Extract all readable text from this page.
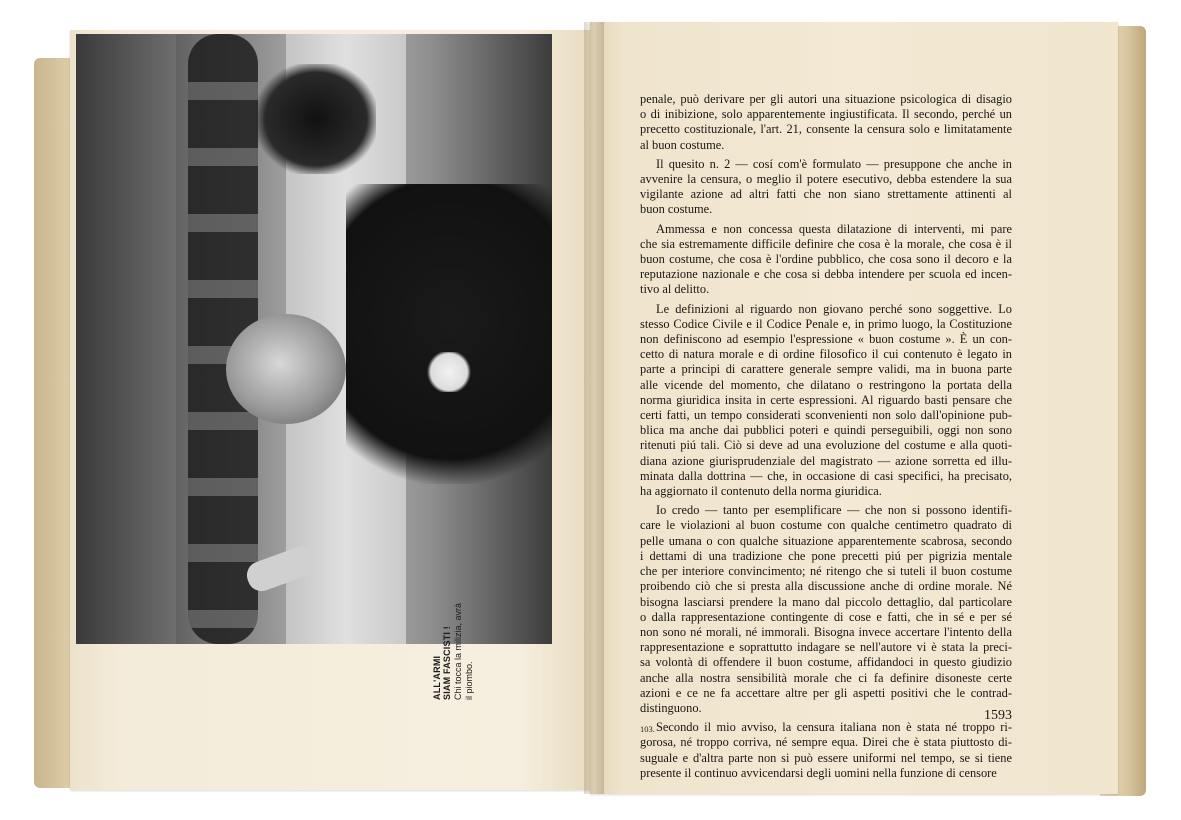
ALL'ARMI SIAM FASCISTI ! Chi tocca la milizia, avrà il piombo.

penale, può derivare per gli autori una situazione psicologica di disagio
o di inibizione, solo apparentemente ingiustificata. Il secondo, perché un
precetto costituzionale, l'art. 21, consente la censura solo e limitatamente
al buon costume.

Il quesito n. 2 — cosí com'è formulato — presuppone che anche in
avvenire la censura, o meglio il potere esecutivo, debba estendere la sua
vigilante azione ad altri fatti che non siano strettamente attinenti al
buon costume.

Ammessa e non concessa questa dilatazione di interventi, mi pare
che sia estremamente difficile definire che cosa è la morale, che cosa è il
buon costume, che cosa è l'ordine pubblico, che cosa sono il decoro e la
reputazione nazionale e che cosa si debba intendere per scuola ed incen-
tivo al delitto.

Le definizioni al riguardo non giovano perché sono soggettive. Lo
stesso Codice Civile e il Codice Penale e, in primo luogo, la Costituzione
non definiscono ad esempio l'espressione « buon costume ». È un con-
cetto di natura morale e di ordine filosofico il cui contenuto è legato in
parte a principi di carattere generale sempre validi, ma in buona parte
alle vicende del momento, che dilatano o restringono la portata della
norma giuridica insita in certe espressioni. Al riguardo basti pensare che
certi fatti, un tempo considerati sconvenienti non solo dall'opinione pub-
blica ma anche dai pubblici poteri e quindi perseguibili, oggi non sono
ritenuti piú tali. Ciò si deve ad una evoluzione del costume e alla quoti-
diana azione giurisprudenziale del magistrato — azione sorretta ed illu-
minata dalla dottrina — che, in occasione di casi specifici, ha precisato,
ha aggiornato il contenuto della norma giuridica.

Io credo — tanto per esemplificare — che non si possono identifi-
care le violazioni al buon costume con qualche centimetro quadrato di
pelle umana o con qualche situazione apparentemente scabrosa, secondo
i dettami di una tradizione che pone precetti piú per pigrizia mentale
che per interiore convincimento; né ritengo che si tuteli il buon costume
proibendo ciò che si presta alla discussione anche di ordine morale. Né
bisogna lasciarsi prendere la mano dal piccolo dettaglio, dal particolare
o dalla rappresentazione contingente di cose e fatti, che in sé e per sé
non sono né morali, né immorali. Bisogna invece accertare l'intento della
rappresentazione e soprattutto indagare se nell'autore vi è stata la preci-
sa volontà di offendere il buon costume, affidandoci in questo giudizio
anche alla nostra sensibilità morale che ci fa definire disoneste certe
azioni e ce ne fa accettare altre per gli aspetti positivi che le contrad-
distinguono.

Secondo il mio avviso, la censura italiana non è stata né troppo ri-
gorosa, né troppo corriva, né sempre equa. Direi che è stata piuttosto di-
suguale e d'altra parte non si può essere uniformi nel tempo, se si tiene
presente il continuo avvicendarsi degli uomini nella funzione di censore

103.
1593
